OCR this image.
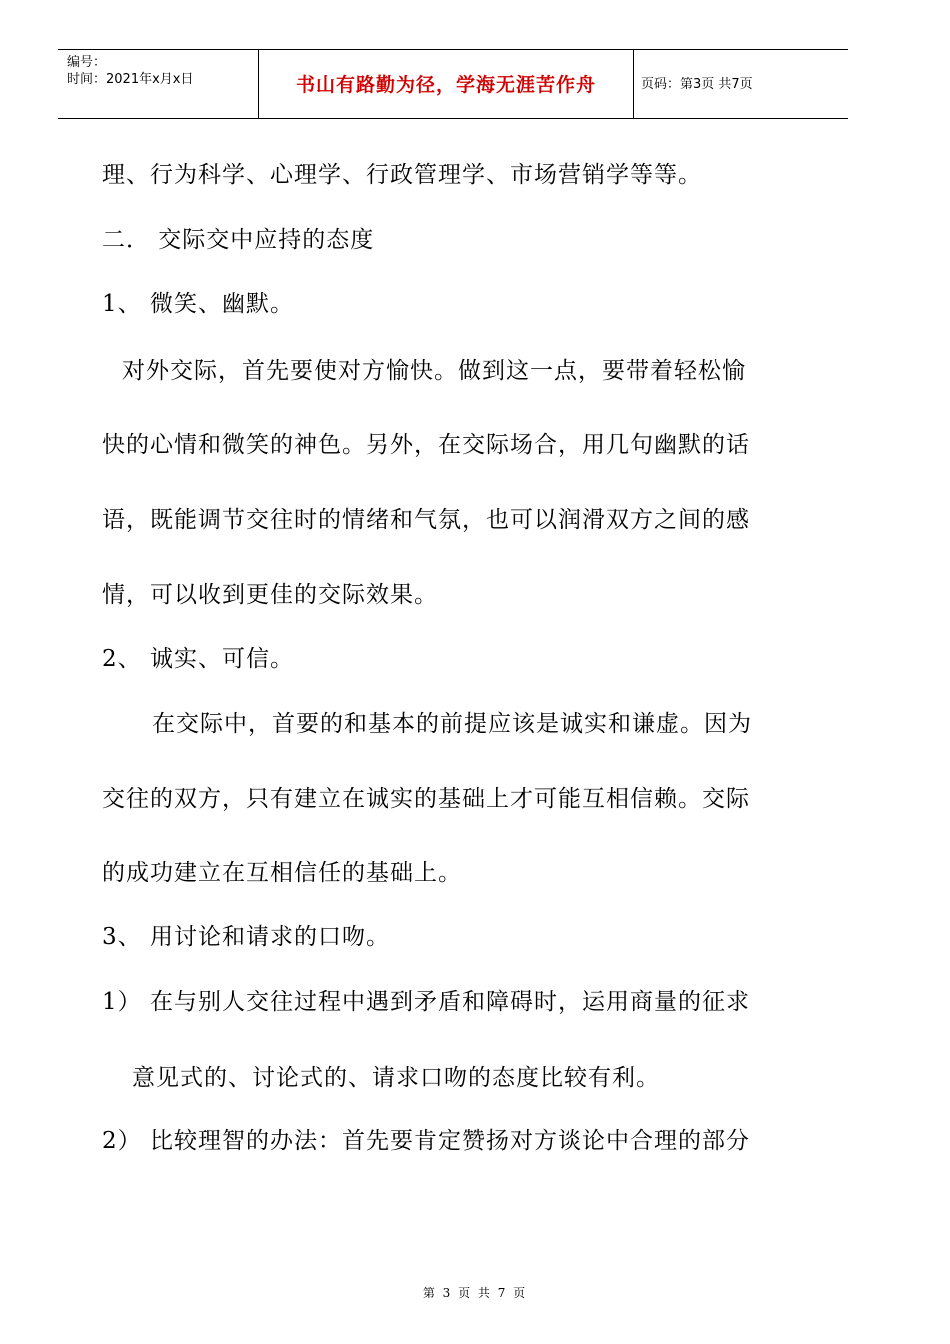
编号：
时间：2021年x月x日	书山有路勤为径，学海无涯苦作舟	页码：第3页 共7页
理、行为科学、心理学、行政管理学、市场营销学等等。
二． 交际交中应持的态度
1、 微笑、幽默。
对外交际，首先要使对方愉快。做到这一点，要带着轻松愉
快的心情和微笑的神色。另外，在交际场合，用几句幽默的话
语，既能调节交往时的情绪和气氛，也可以润滑双方之间的感
情，可以收到更佳的交际效果。
2、 诚实、可信。
在交际中，首要的和基本的前提应该是诚实和谦虚。因为
交往的双方，只有建立在诚实的基础上才可能互相信赖。交际
的成功建立在互相信任的基础上。
3、 用讨论和请求的口吻。
1） 在与别人交往过程中遇到矛盾和障碍时，运用商量的征求
意见式的、讨论式的、请求口吻的态度比较有利。
2） 比较理智的办法：首先要肯定赞扬对方谈论中合理的部分
第 3 页 共 7 页
